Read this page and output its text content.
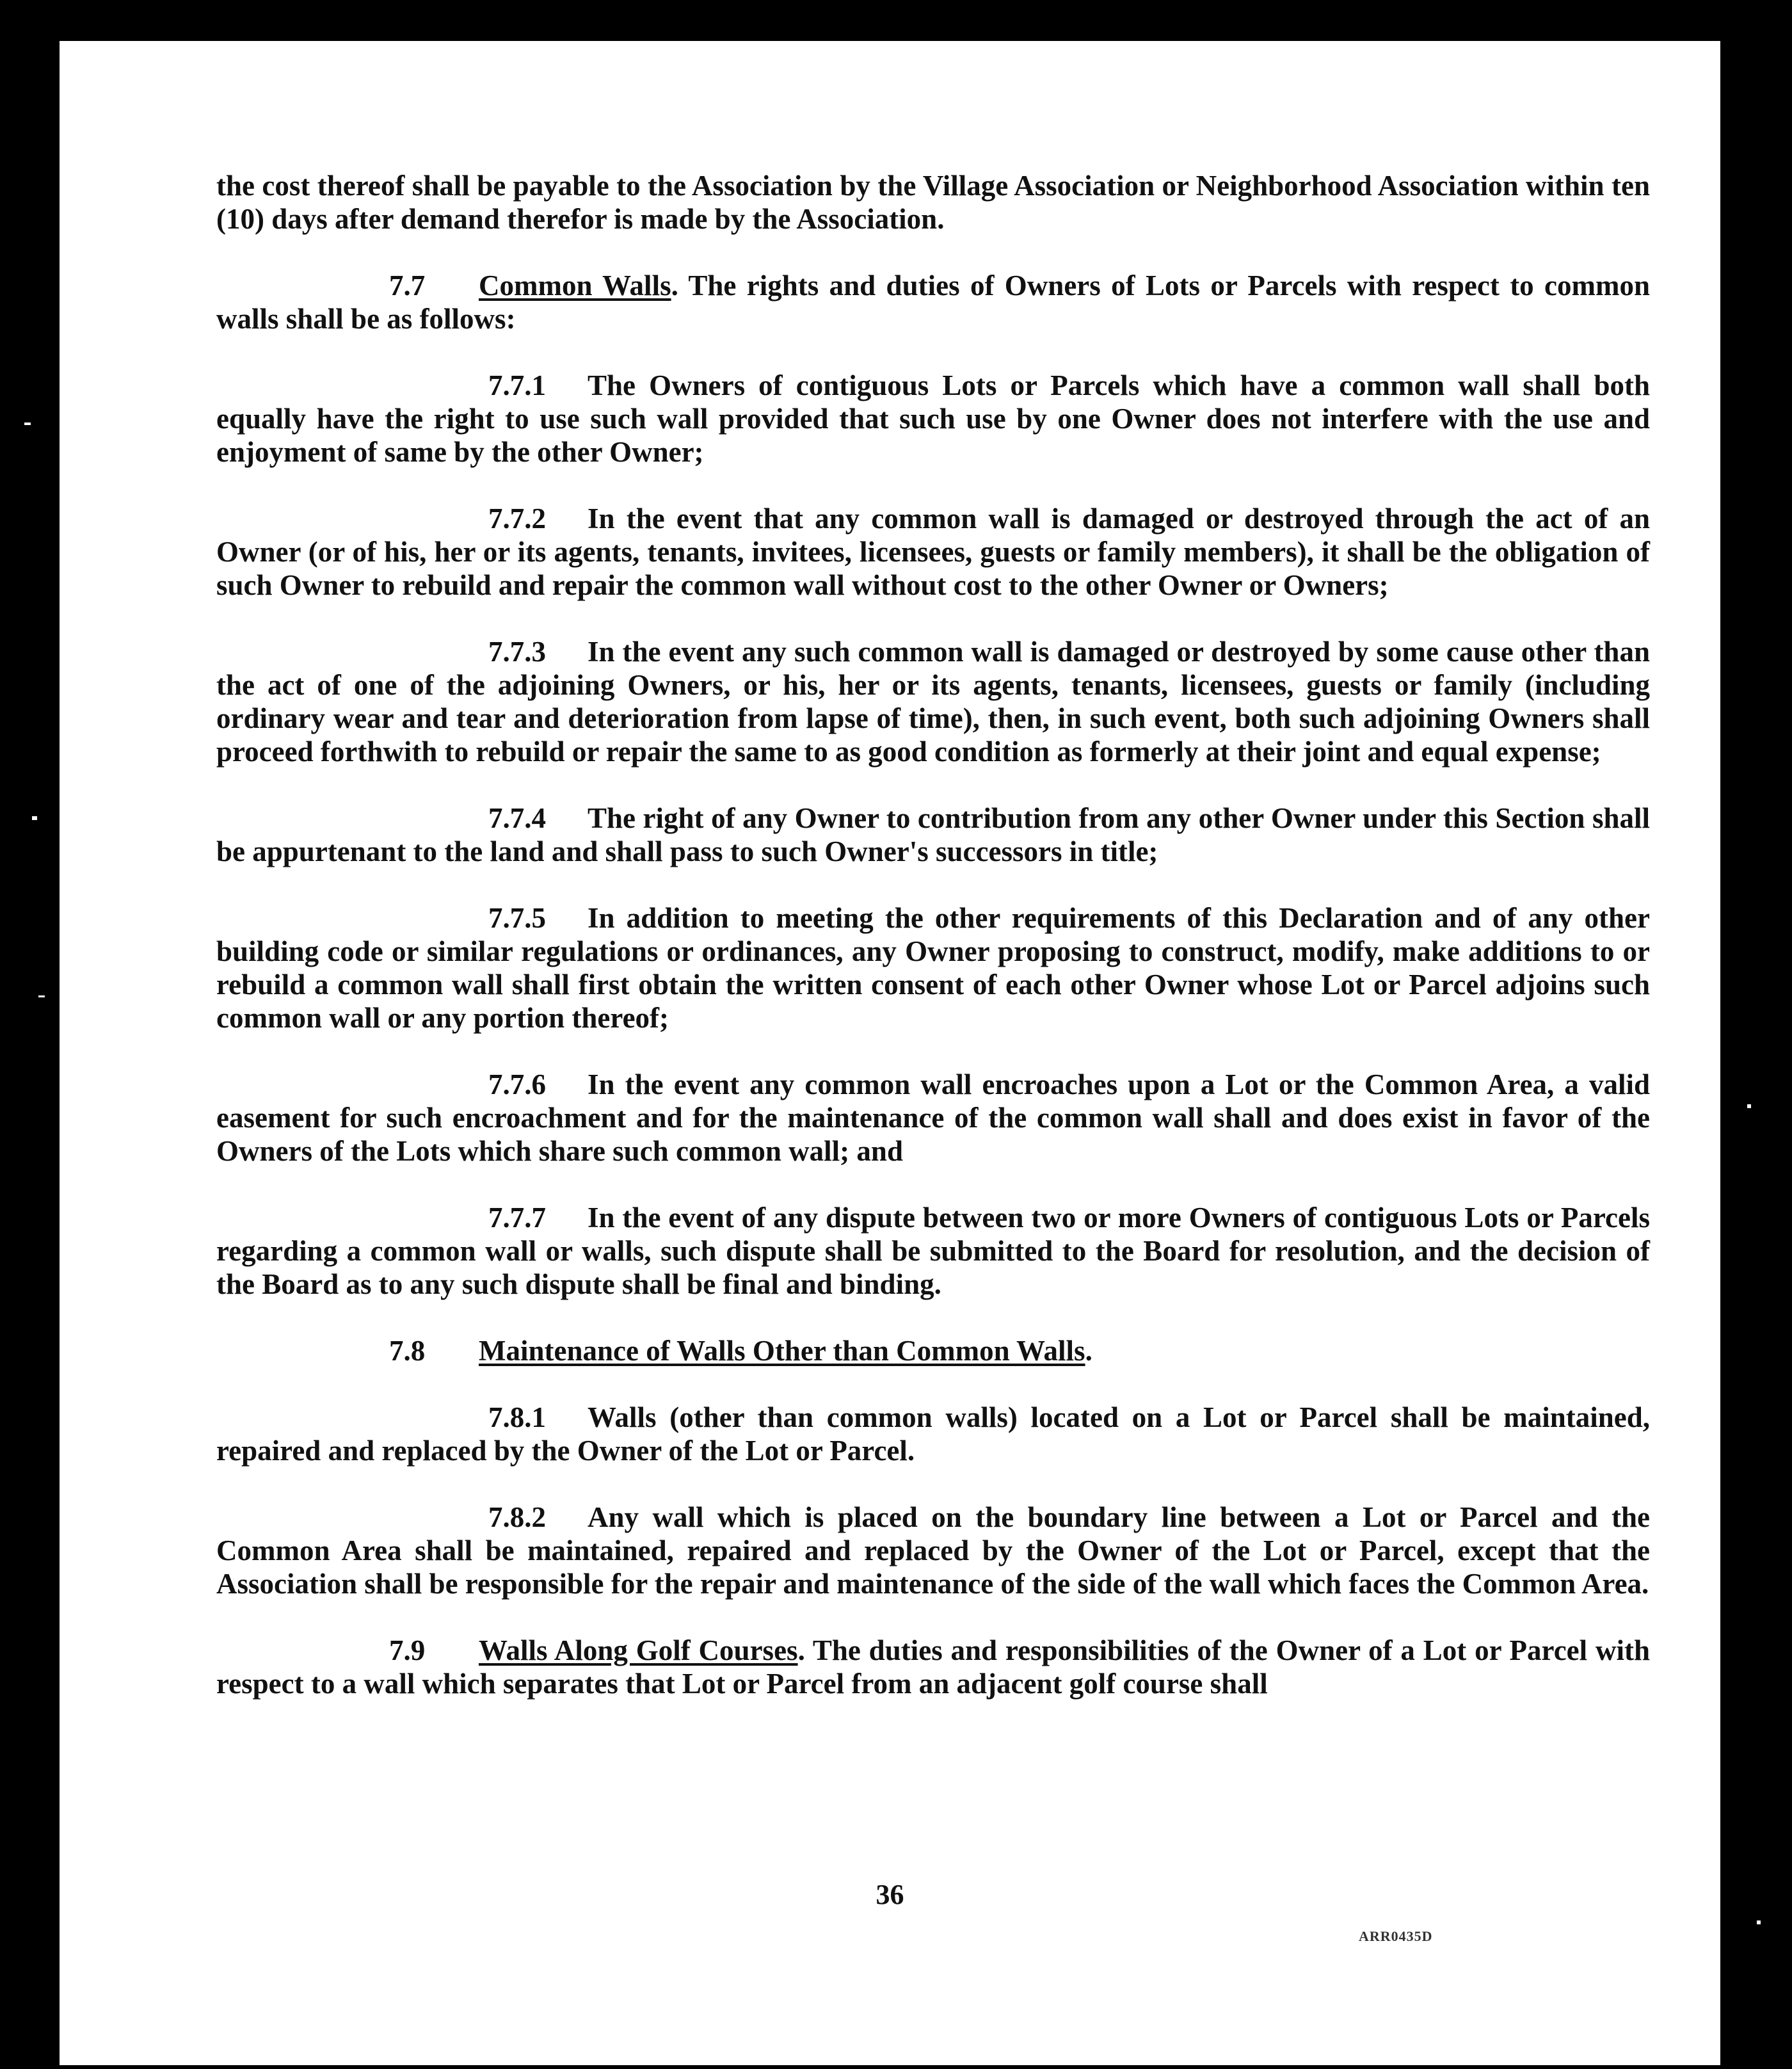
the cost thereof shall be payable to the Association by the Village Association or Neighborhood Association within ten (10) days after demand therefor is made by the Association.

7.7 Common Walls. The rights and duties of Owners of Lots or Parcels with respect to common walls shall be as follows:

7.7.1 The Owners of contiguous Lots or Parcels which have a common wall shall both equally have the right to use such wall provided that such use by one Owner does not interfere with the use and enjoyment of same by the other Owner;

7.7.2 In the event that any common wall is damaged or destroyed through the act of an Owner (or of his, her or its agents, tenants, invitees, licensees, guests or family members), it shall be the obligation of such Owner to rebuild and repair the common wall without cost to the other Owner or Owners;

7.7.3 In the event any such common wall is damaged or destroyed by some cause other than the act of one of the adjoining Owners, or his, her or its agents, tenants, licensees, guests or family (including ordinary wear and tear and deterioration from lapse of time), then, in such event, both such adjoining Owners shall proceed forthwith to rebuild or repair the same to as good condition as formerly at their joint and equal expense;

7.7.4 The right of any Owner to contribution from any other Owner under this Section shall be appurtenant to the land and shall pass to such Owner's successors in title;

7.7.5 In addition to meeting the other requirements of this Declaration and of any other building code or similar regulations or ordinances, any Owner proposing to construct, modify, make additions to or rebuild a common wall shall first obtain the written consent of each other Owner whose Lot or Parcel adjoins such common wall or any portion thereof;

7.7.6 In the event any common wall encroaches upon a Lot or the Common Area, a valid easement for such encroachment and for the maintenance of the common wall shall and does exist in favor of the Owners of the Lots which share such common wall; and

7.7.7 In the event of any dispute between two or more Owners of contiguous Lots or Parcels regarding a common wall or walls, such dispute shall be submitted to the Board for resolution, and the decision of the Board as to any such dispute shall be final and binding.

7.8 Maintenance of Walls Other than Common Walls.

7.8.1 Walls (other than common walls) located on a Lot or Parcel shall be maintained, repaired and replaced by the Owner of the Lot or Parcel.

7.8.2 Any wall which is placed on the boundary line between a Lot or Parcel and the Common Area shall be maintained, repaired and replaced by the Owner of the Lot or Parcel, except that the Association shall be responsible for the repair and maintenance of the side of the wall which faces the Common Area.

7.9 Walls Along Golf Courses. The duties and responsibilities of the Owner of a Lot or Parcel with respect to a wall which separates that Lot or Parcel from an adjacent golf course shall

36
ARR0435D
